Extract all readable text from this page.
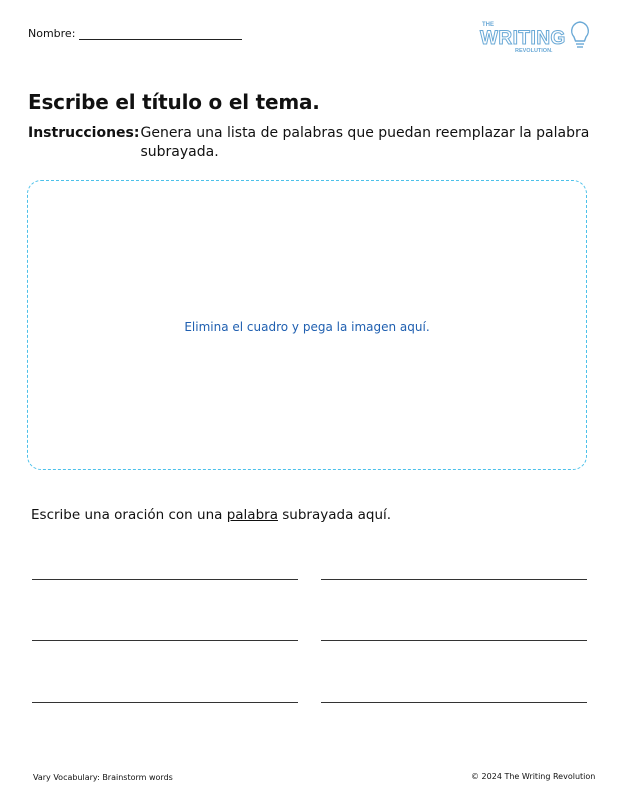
Nombre:
THE
WRITING
REVOLUTION.
Escribe el título o el tema.
Instrucciones: Genera una lista de palabras que puedan reemplazar la palabra subrayada.
Elimina el cuadro y pega la imagen aquí.
Escribe una oración con una palabra subrayada aquí.
Vary Vocabulary: Brainstorm words	© 2024 The Writing Revolution
